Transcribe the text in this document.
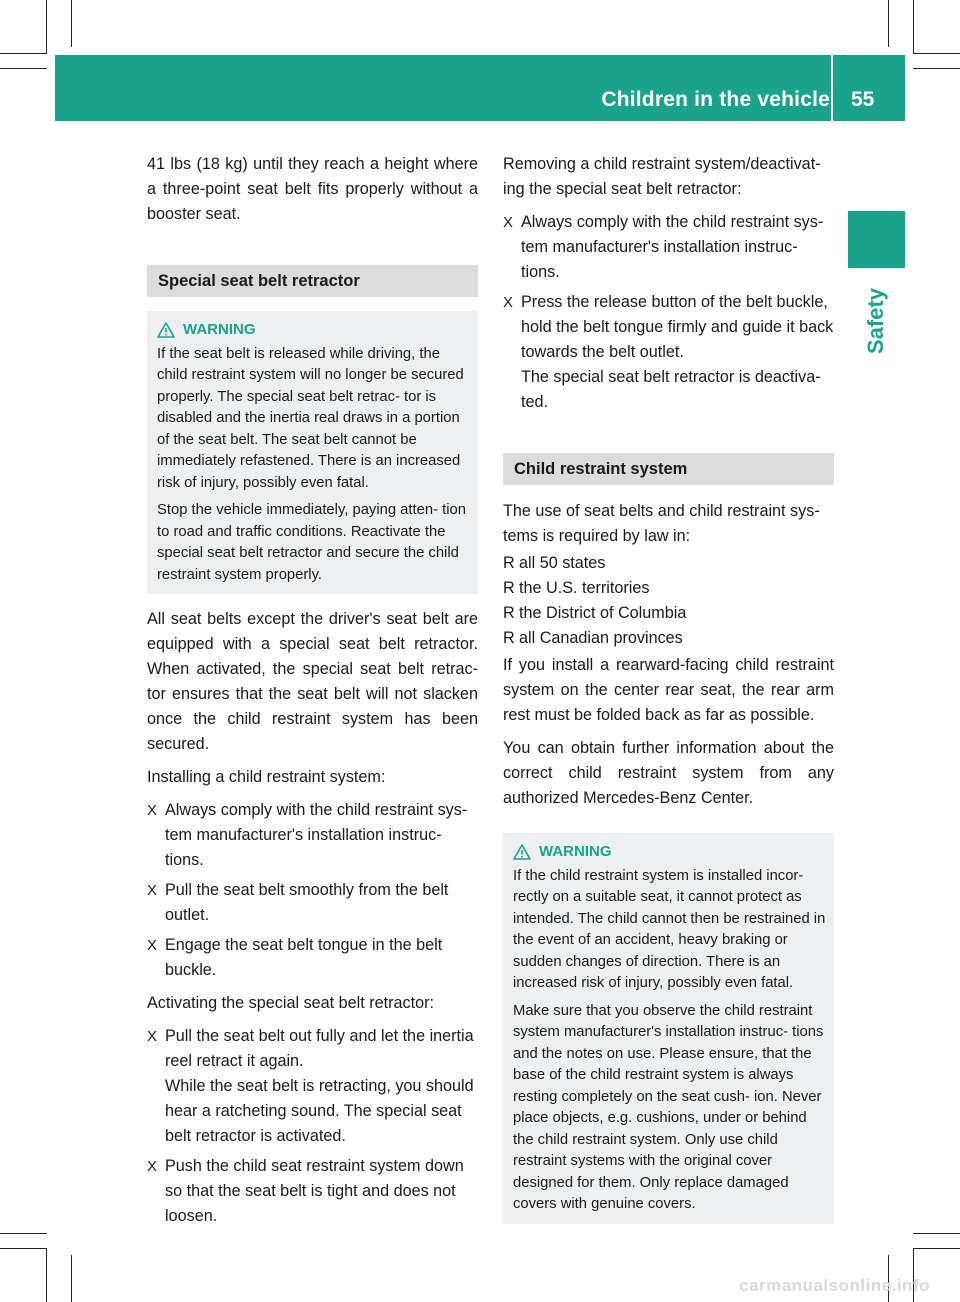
Children in the vehicle 55
Safety

41 lbs (18 kg) until they reach a height where a three-point seat belt fits properly without a booster seat.

Special seat belt retractor
WARNING

If the seat belt is released while driving, the child restraint system will no longer be secured properly. The special seat belt retrac- tor is disabled and the inertia real draws in a portion of the seat belt. The seat belt cannot be immediately refastened. There is an increased risk of injury, possibly even fatal.

Stop the vehicle immediately, paying atten- tion to road and traffic conditions. Reactivate the special seat belt retractor and secure the child restraint system properly.

All seat belts except the driver's seat belt are equipped with a special seat belt retractor. When activated, the special seat belt retrac- tor ensures that the seat belt will not slacken once the child restraint system has been secured.

Installing a child restraint system:

X Always comply with the child restraint sys- tem manufacturer's installation instruc- tions.
X Pull the seat belt smoothly from the belt outlet.
X Engage the seat belt tongue in the belt buckle.

Activating the special seat belt retractor:

X Pull the seat belt out fully and let the inertia reel retract it again.
While the seat belt is retracting, you should hear a ratcheting sound. The special seat belt retractor is activated.
X Push the child seat restraint system down so that the seat belt is tight and does not loosen.

Removing a child restraint system/deactivat- ing the special seat belt retractor:

X Always comply with the child restraint sys- tem manufacturer's installation instruc- tions.
X Press the release button of the belt buckle, hold the belt tongue firmly and guide it back towards the belt outlet.
The special seat belt retractor is deactiva- ted.
Child restraint system

The use of seat belts and child restraint sys- tems is required by law in:

R all 50 states
R the U.S. territories
R the District of Columbia
R all Canadian provinces

If you install a rearward-facing child restraint system on the center rear seat, the rear arm rest must be folded back as far as possible.

You can obtain further information about the correct child restraint system from any authorized Mercedes-Benz Center.

WARNING

If the child restraint system is installed incor- rectly on a suitable seat, it cannot protect as intended. The child cannot then be restrained in the event of an accident, heavy braking or sudden changes of direction. There is an increased risk of injury, possibly even fatal.

Make sure that you observe the child restraint system manufacturer's installation instruc- tions and the notes on use. Please ensure, that the base of the child restraint system is always resting completely on the seat cush- ion. Never place objects, e.g. cushions, under or behind the child restraint system. Only use child restraint systems with the original cover designed for them. Only replace damaged covers with genuine covers.

carmanualsonline.info
